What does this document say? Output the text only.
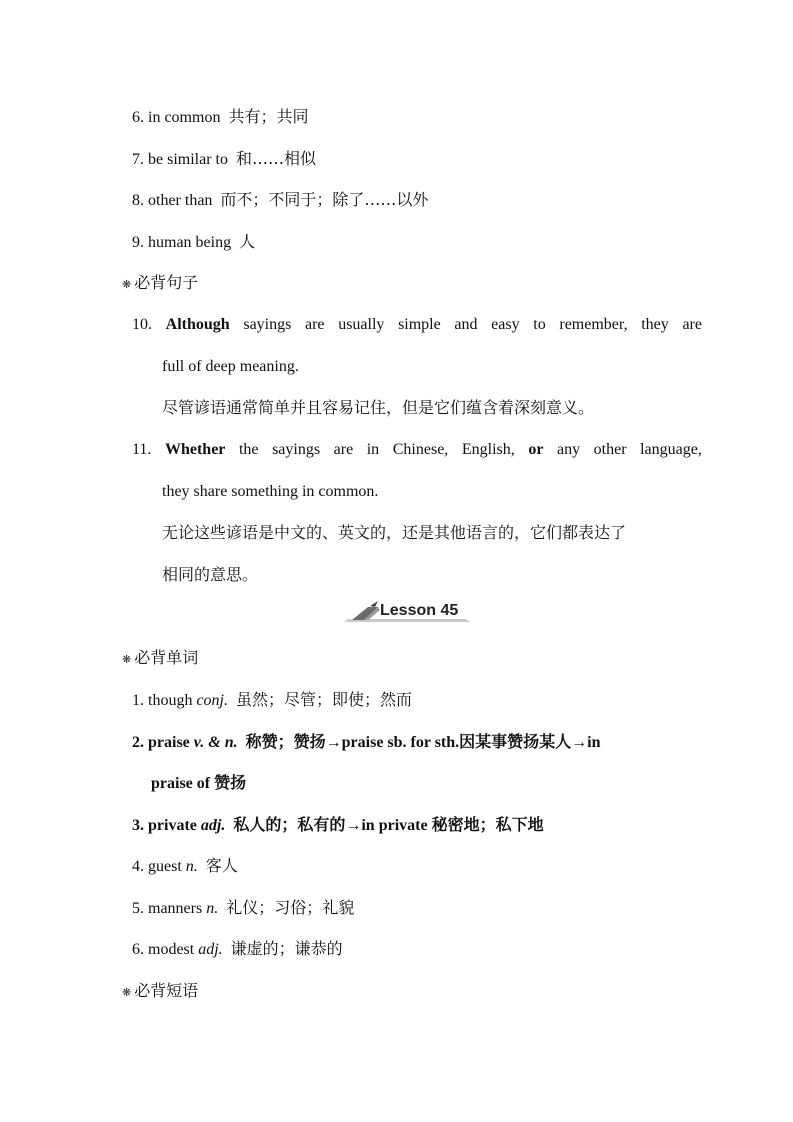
6. in common 共有；共同
7. be similar to 和……相似
8. other than 而不；不同于；除了……以外
9. human being 人
❋ 必背句子
10. Although sayings are usually simple and easy to remember, they are
full of deep meaning.
尽管谚语通常简单并且容易记住，但是它们蕴含着深刻意义。
11. Whether the sayings are in Chinese, English, or any other language,
they share something in common.
无论这些谚语是中文的、英文的，还是其他语言的，它们都表达了
相同的意思。
Lesson 45
❋ 必背单词
1. though conj. 虽然；尽管；即使；然而
2. praise v. & n. 称赞；赞扬→praise sb. for sth.因某事赞扬某人→in
praise of 赞扬
3. private adj. 私人的；私有的→in private 秘密地；私下地
4. guest n. 客人
5. manners n. 礼仪；习俗；礼貌
6. modest adj. 谦虚的；谦恭的
❋ 必背短语
